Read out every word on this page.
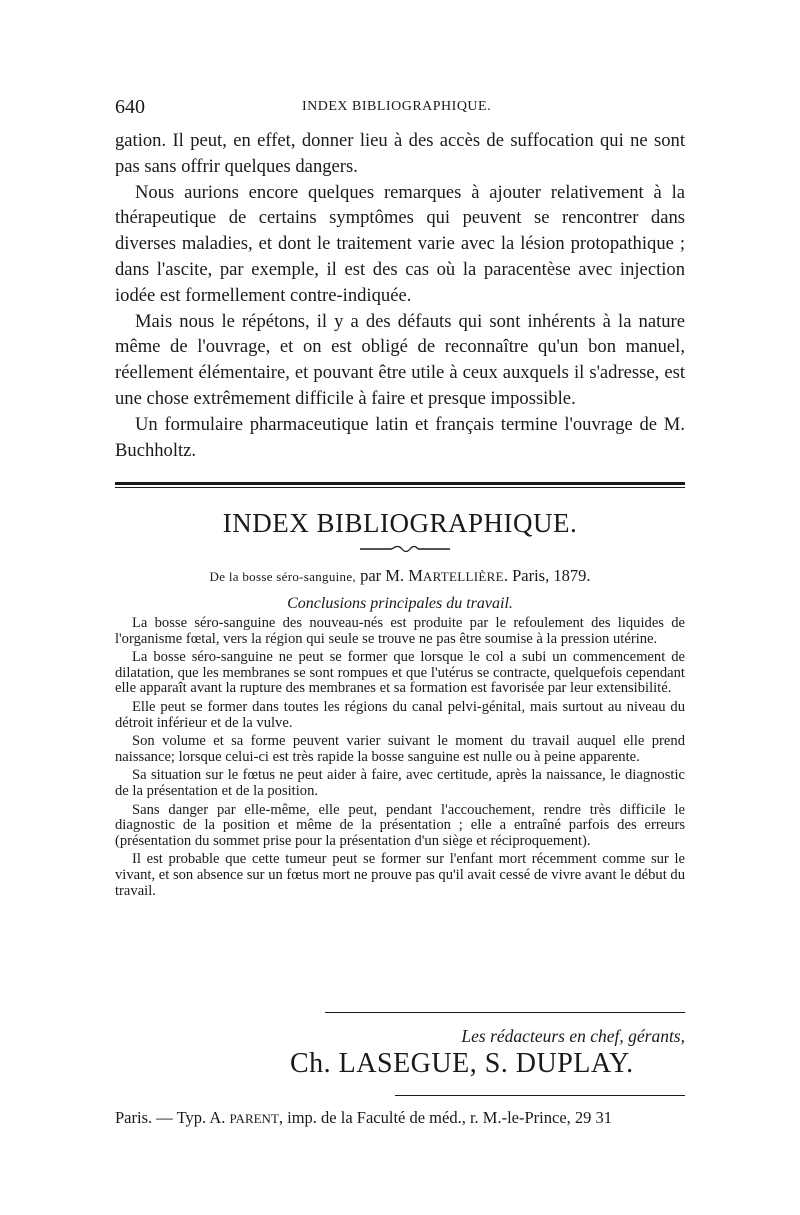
640	INDEX BIBLIOGRAPHIQUE.

gation. Il peut, en effet, donner lieu à des accès de suffocation qui ne sont pas sans offrir quelques dangers.

Nous aurions encore quelques remarques à ajouter relativement à la thérapeutique de certains symptômes qui peuvent se rencontrer dans diverses maladies, et dont le traitement varie avec la lésion protopathique ; dans l'ascite, par exemple, il est des cas où la paracentèse avec injection iodée est formellement contre-indiquée.

Mais nous le répétons, il y a des défauts qui sont inhérents à la nature même de l'ouvrage, et on est obligé de reconnaître qu'un bon manuel, réellement élémentaire, et pouvant être utile à ceux auxquels il s'adresse, est une chose extrêmement difficile à faire et presque impossible.

Un formulaire pharmaceutique latin et français termine l'ouvrage de M. Buchholtz.

INDEX BIBLIOGRAPHIQUE.
De la bosse séro-sanguine, par M. MARTELLIÈRE. Paris, 1879.
Conclusions principales du travail.

La bosse séro-sanguine des nouveau-nés est produite par le refoulement des liquides de l'organisme fœtal, vers la région qui seule se trouve ne pas être soumise à la pression utérine.

La bosse séro-sanguine ne peut se former que lorsque le col a subi un commencement de dilatation, que les membranes se sont rompues et que l'utérus se contracte, quelquefois cependant elle apparaît avant la rupture des membranes et sa formation est favorisée par leur extensibilité.

Elle peut se former dans toutes les régions du canal pelvi-génital, mais surtout au niveau du détroit inférieur et de la vulve.

Son volume et sa forme peuvent varier suivant le moment du travail auquel elle prend naissance; lorsque celui-ci est très rapide la bosse sanguine est nulle ou à peine apparente.

Sa situation sur le fœtus ne peut aider à faire, avec certitude, après la naissance, le diagnostic de la présentation et de la position.

Sans danger par elle-même, elle peut, pendant l'accouchement, rendre très difficile le diagnostic de la position et même de la présentation ; elle a entraîné parfois des erreurs (présentation du sommet prise pour la présentation d'un siège et réciproquement).

Il est probable que cette tumeur peut se former sur l'enfant mort récemment comme sur le vivant, et son absence sur un fœtus mort ne prouve pas qu'il avait cessé de vivre avant le début du travail.

Les rédacteurs en chef, gérants,
Ch. LASEGUE, S. DUPLAY.
Paris. — Typ. A. PARENT, imp. de la Faculté de méd., r. M.-le-Prince, 29 31
